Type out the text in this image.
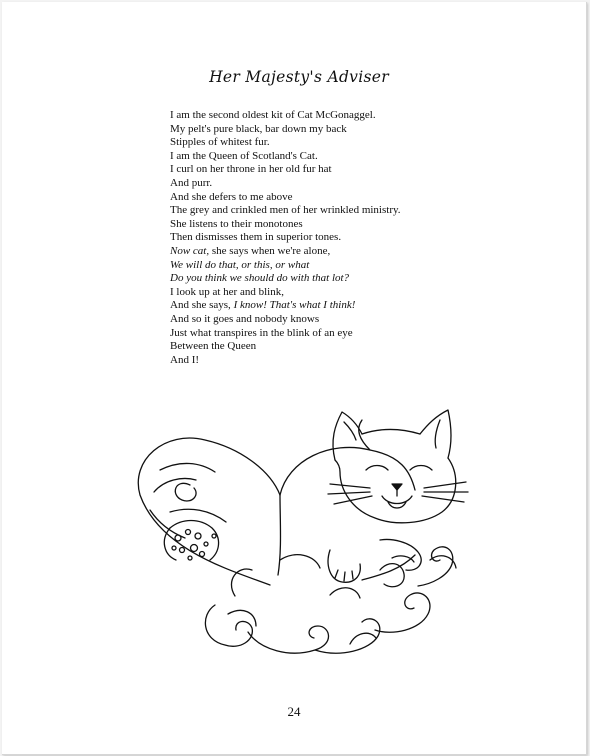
Her Majesty's Adviser
I am the second oldest kit of Cat McGonaggel.
My pelt's pure black, bar down my back
Stipples of whitest fur.
I am the Queen of Scotland's Cat.
I curl on her throne in her old fur hat
And purr.
And she defers to me above
The grey and crinkled men of her wrinkled ministry.
She listens to their monotones
Then dismisses them in superior tones.
Now cat, she says when we're alone,
We will do that, or this, or what
Do you think we should do with that lot?
I look up at her and blink,
And she says, I know! That's what I think!
And so it goes and nobody knows
Just what transpires in the blink of an eye
Between the Queen
And I!
24
